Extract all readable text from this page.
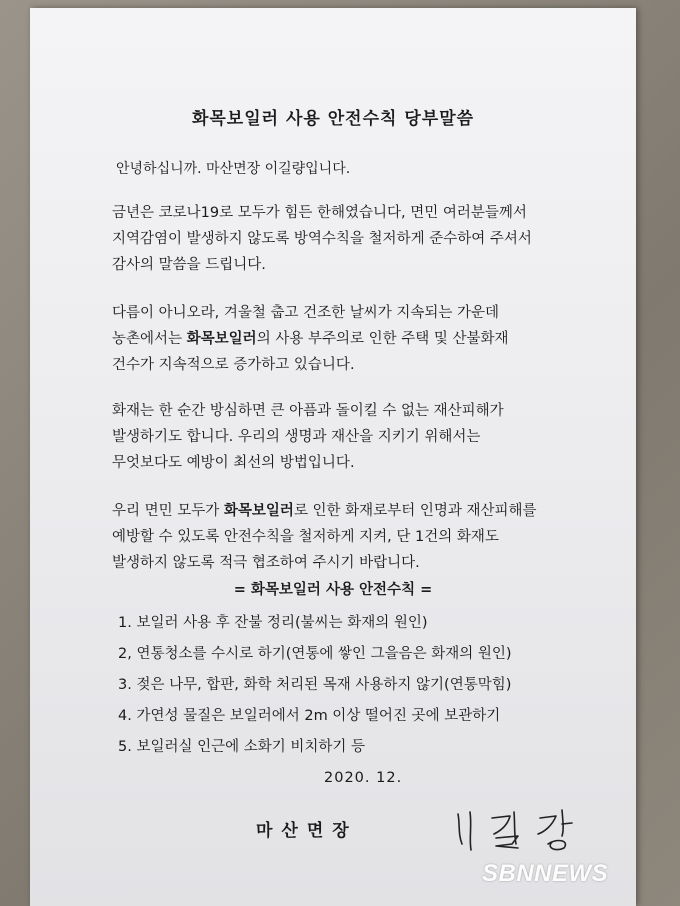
화목보일러 사용 안전수칙 당부말씀

안녕하십니까. 마산면장 이길량입니다.

금년은 코로나19로 모두가 힘든 한해였습니다, 면민 여러분들께서
지역감염이 발생하지 않도록 방역수칙을 철저하게 준수하여 주셔서
감사의 말씀을 드립니다.

다름이 아니오라, 겨울철 춥고 건조한 날씨가 지속되는 가운데
농촌에서는 화목보일러의 사용 부주의로 인한 주택 및 산불화재
건수가 지속적으로 증가하고 있습니다.

화재는 한 순간 방심하면 큰 아픔과 돌이킬 수 없는 재산피해가
발생하기도 합니다. 우리의 생명과 재산을 지키기 위해서는
무엇보다도 예방이 최선의 방법입니다.

우리 면민 모두가 화목보일러로 인한 화재로부터 인명과 재산피해를
예방할 수 있도록 안전수칙을 철저하게 지켜, 단 1건의 화재도
발생하지 않도록 적극 협조하여 주시기 바랍니다.

= 화목보일러 사용 안전수칙 =

1. 보일러 사용 후 잔불 정리(불씨는 화재의 원인)
2, 연통청소를 수시로 하기(연통에 쌓인 그을음은 화재의 원인)
3. 젖은 나무, 합판, 화학 처리된 목재 사용하지 않기(연통막힘)
4. 가연성 물질은 보일러에서 2m 이상 떨어진 곳에 보관하기
5. 보일러실 인근에 소화기 비치하기 등
2020. 12.
마산면장
SBNNEWS
